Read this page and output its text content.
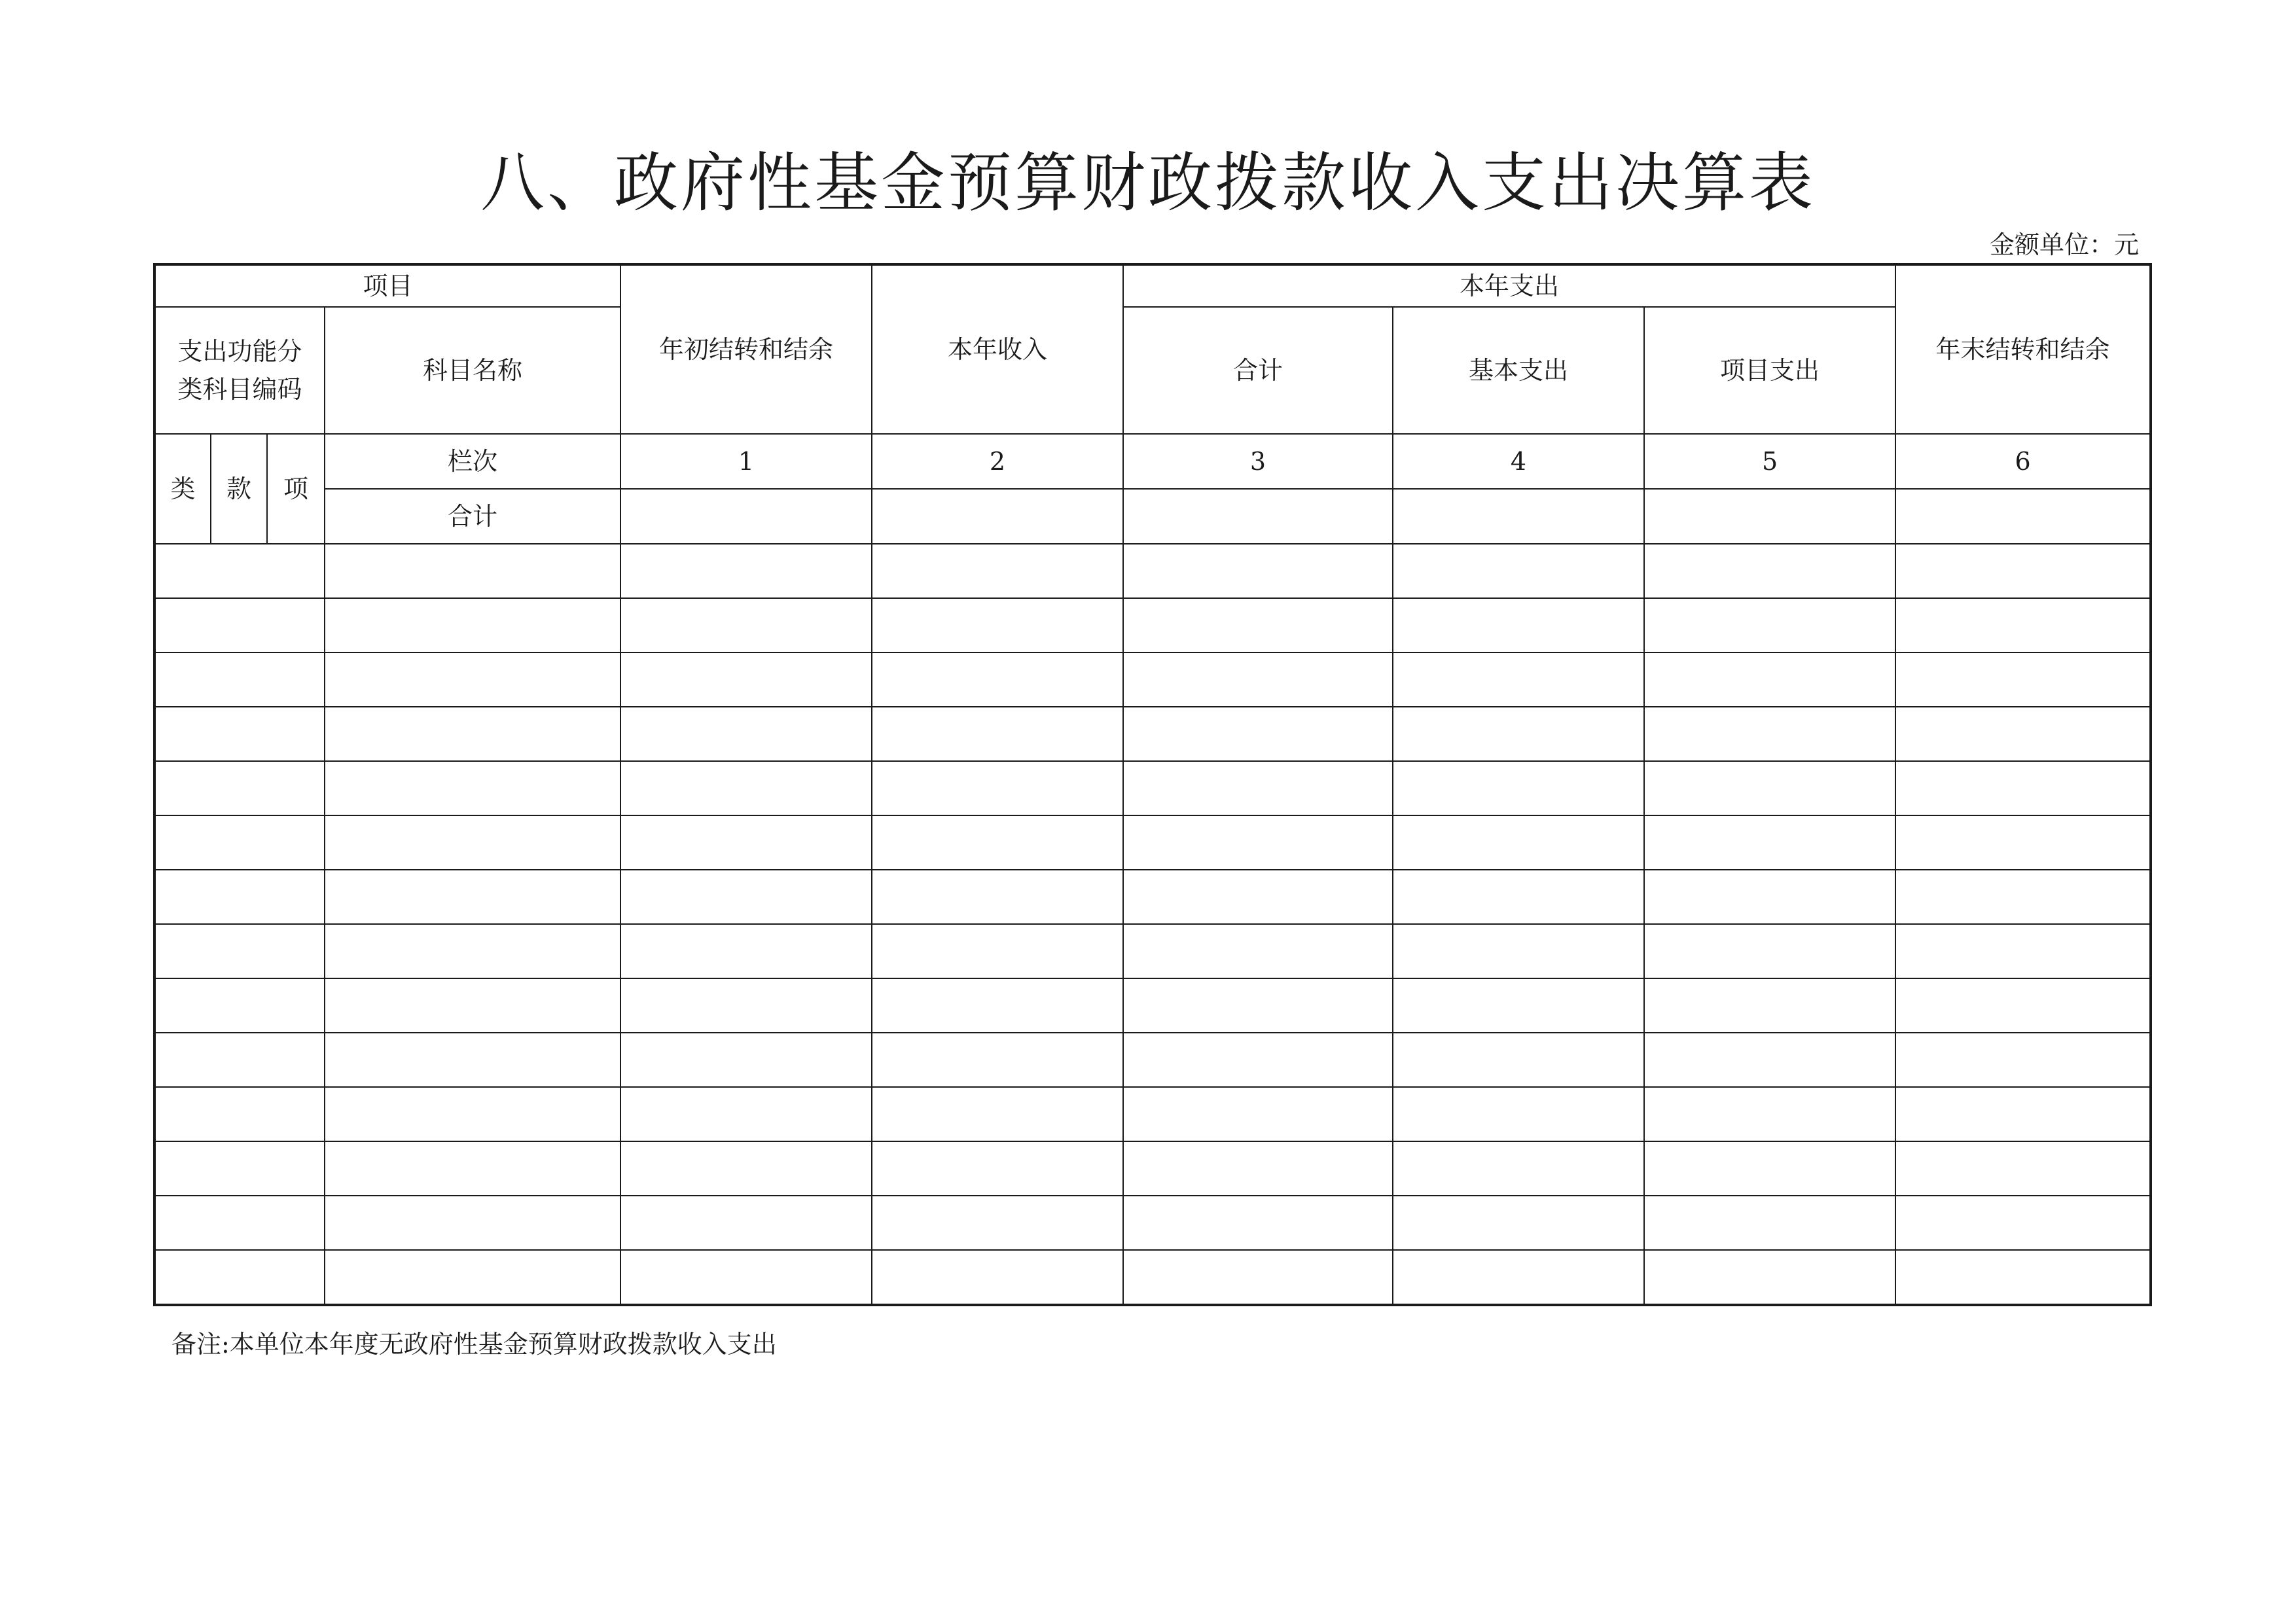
八、政府性基金预算财政拨款收入支出决算表
金额单位：元
项目				年初结转和结余	本年收入	本年支出			年末结转和结余

支出功能分类科目编码			科目名称			合计	基本支出	项目支出	
类	款	项	栏次	1	2	3	4	5	6
			合计						

备注:本单位本年度无政府性基金预算财政拨款收入支出
